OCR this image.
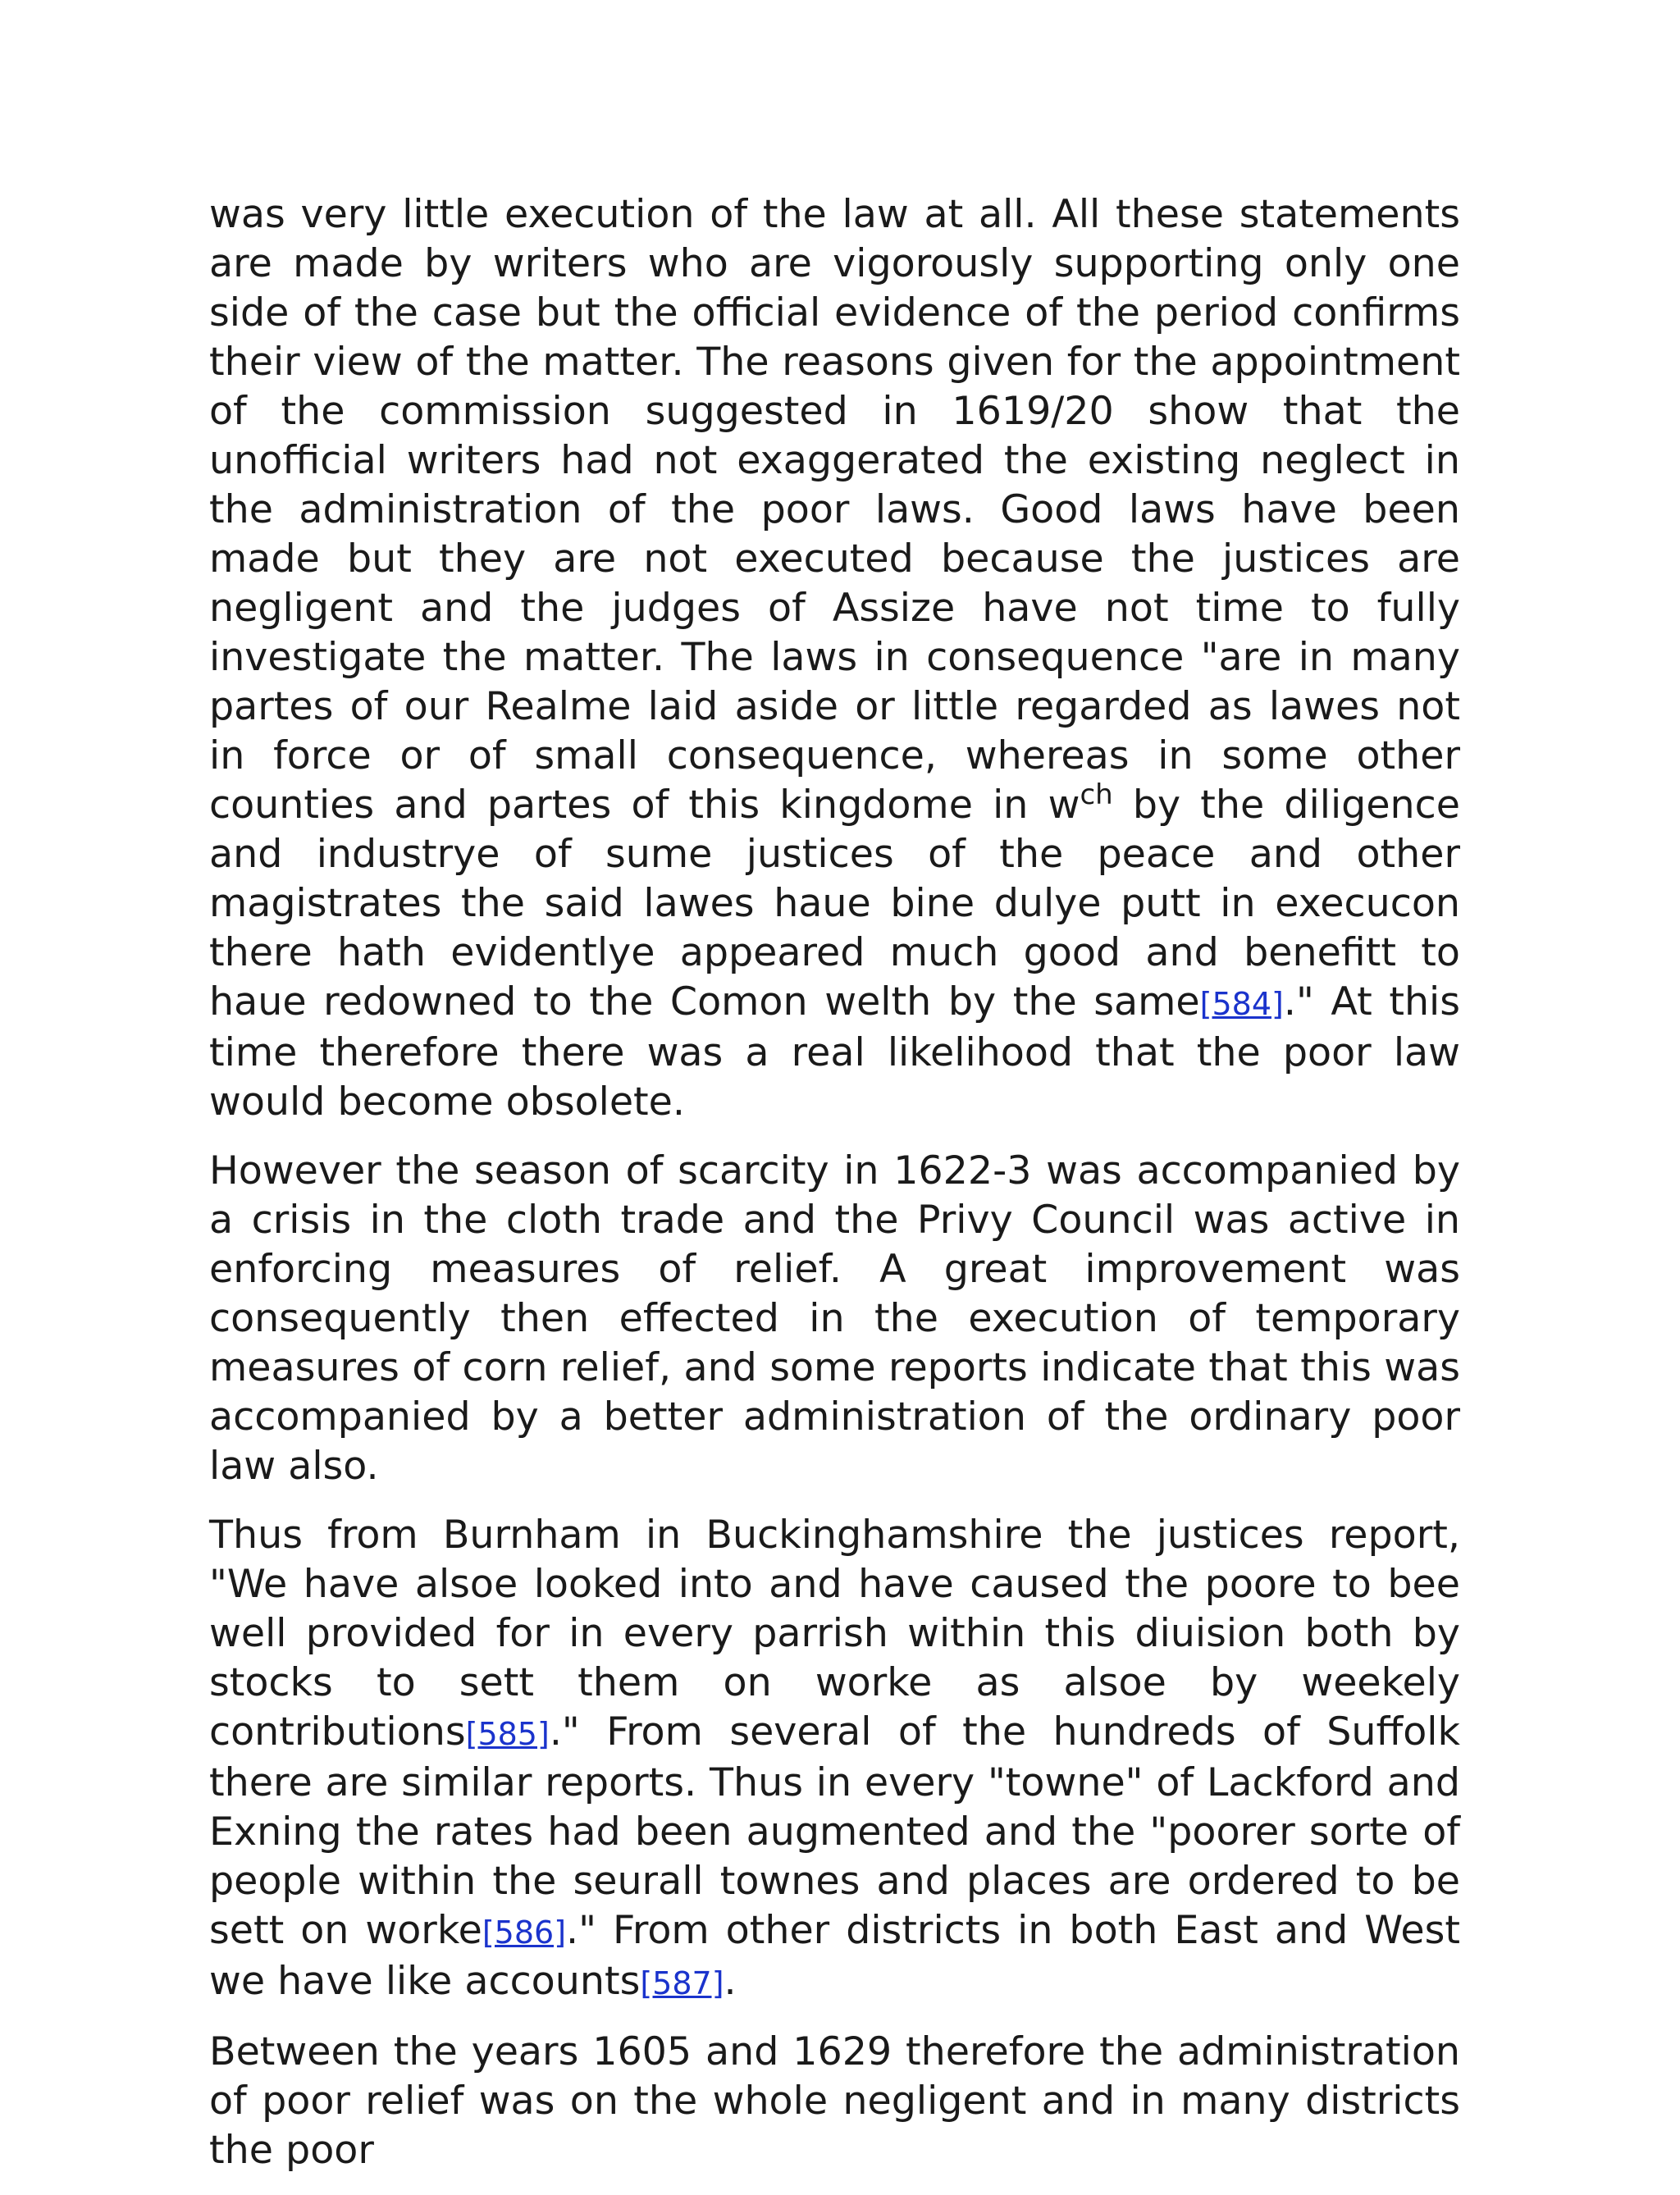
was very little execution of the law at all. All these statements are made by writers who are vigorously supporting only one side of the case but the official evidence of the period confirms their view of the matter. The reasons given for the appointment of the commission suggested in 1619/20 show that the unofficial writers had not exaggerated the existing neglect in the administration of the poor laws. Good laws have been made but they are not executed because the justices are negligent and the judges of Assize have not time to fully investigate the matter. The laws in consequence "are in many partes of our Realme laid aside or little regarded as lawes not in force or of small consequence, whereas in some other counties and partes of this kingdome in $w^{ch}$ by the diligence and industrye of sume justices of the peace and other magistrates the said lawes haue bine dulye putt in execucon there hath evidentlye appeared much good and benefitt to haue redowned to the Comon welth by the same[584]." At this time therefore there was a real likelihood that the poor law would become obsolete.

However the season of scarcity in 1622-3 was accompanied by a crisis in the cloth trade and the Privy Council was active in enforcing measures of relief. A great improvement was consequently then effected in the execution of temporary measures of corn relief, and some reports indicate that this was accompanied by a better administration of the ordinary poor law also.

Thus from Burnham in Buckinghamshire the justices report, "We have alsoe looked into and have caused the poore to bee well provided for in every parrish within this diuision both by stocks to sett them on worke as alsoe by weekely contributions[585]." From several of the hundreds of Suffolk there are similar reports. Thus in every "towne" of Lackford and Exning the rates had been augmented and the "poorer sorte of people within the seurall townes and places are ordered to be sett on worke[586]." From other districts in both East and West we have like accounts[587].

Between the years 1605 and 1629 therefore the administration of poor relief was on the whole negligent and in many districts the poor
